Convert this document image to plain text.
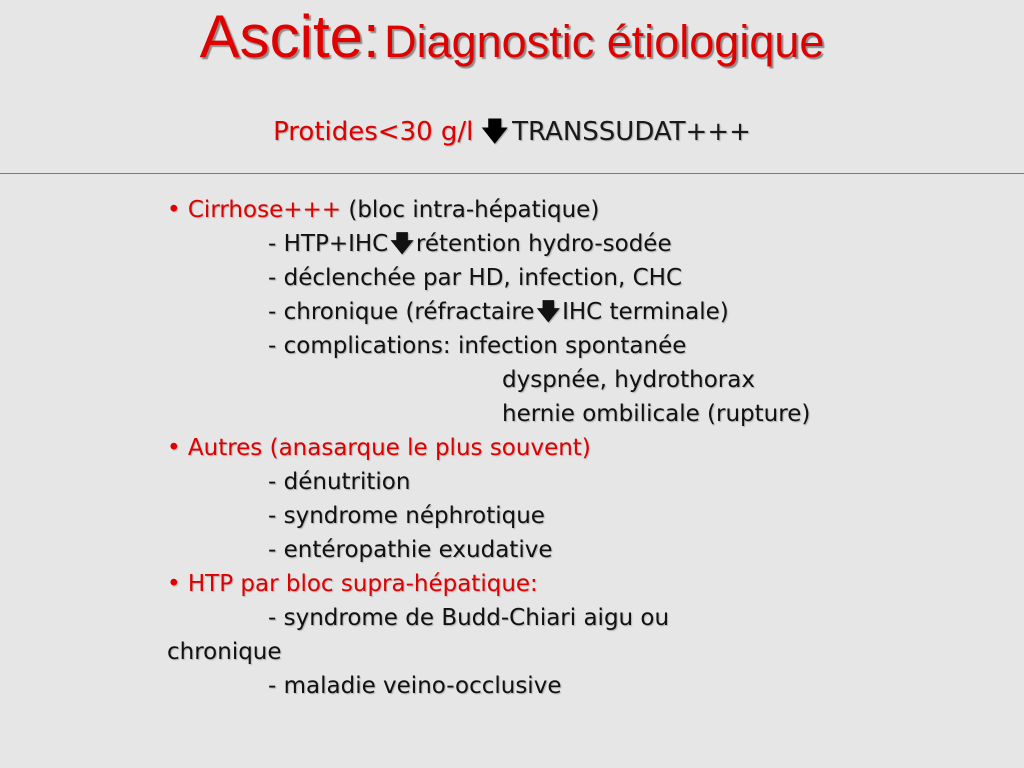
Ascite: Diagnostic étiologique
Protides<30 g/l 🡇 TRANSSUDAT+++
• Cirrhose+++ (bloc intra-hépatique)
- HTP+IHC🡇rétention hydro-sodée
- déclenchée par HD, infection, CHC
- chronique (réfractaire🡇IHC terminale)
- complications: infection spontanée
dyspnée, hydrothorax
hernie ombilicale (rupture)
• Autres (anasarque le plus souvent)
- dénutrition
- syndrome néphrotique
- entéropathie exudative
• HTP par bloc supra-hépatique:
- syndrome de Budd-Chiari aigu ou
chronique
- maladie veino-occlusive
